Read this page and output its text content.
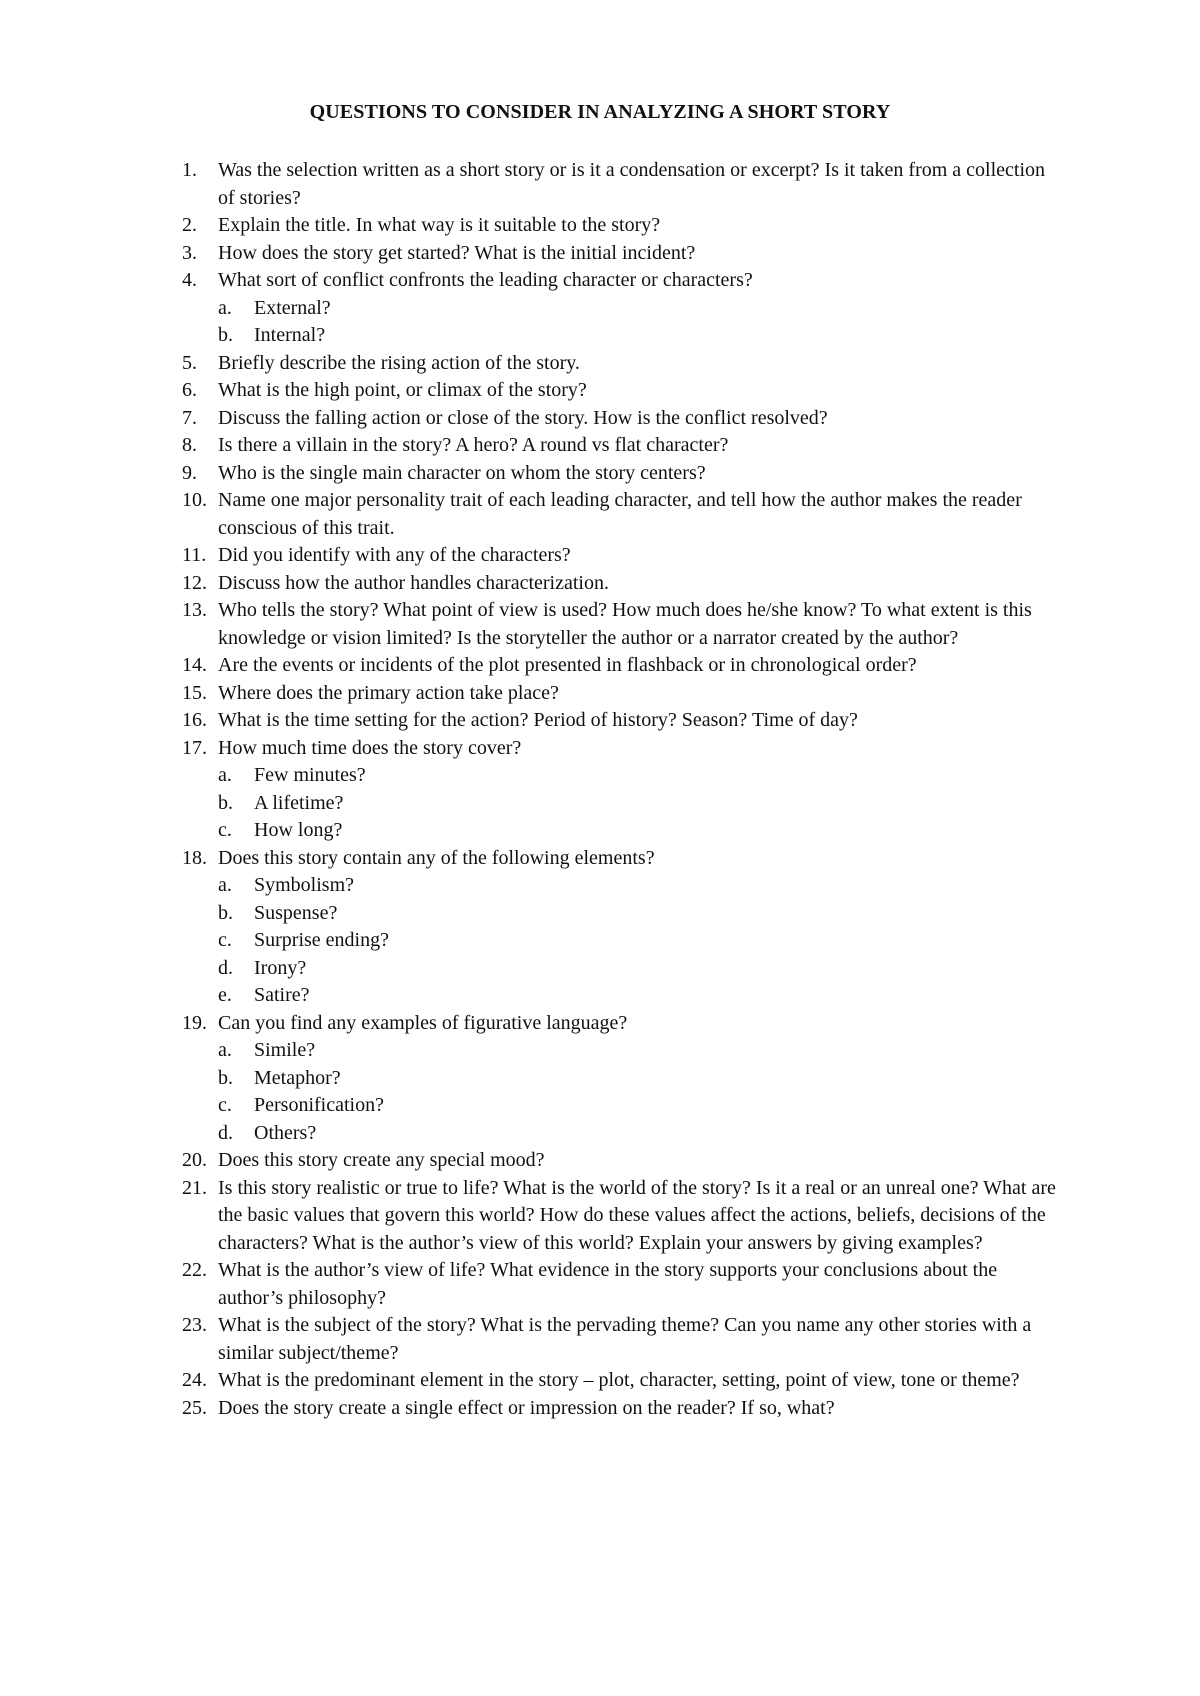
QUESTIONS TO CONSIDER IN ANALYZING A SHORT STORY
1.	Was the selection written as a short story or is it a condensation or excerpt? Is it taken from a collection of stories?
2.	Explain the title. In what way is it suitable to the story?
3.	How does the story get started? What is the initial incident?
4.	What sort of conflict confronts the leading character or characters?
a.	External?
b.	Internal?
5.	Briefly describe the rising action of the story.
6.	What is the high point, or climax of the story?
7.	Discuss the falling action or close of the story. How is the conflict resolved?
8.	Is there a villain in the story? A hero? A round vs flat character?
9.	Who is the single main character on whom the story centers?
10. Name one major personality trait of each leading character, and tell how the author makes the reader conscious of this trait.
11. Did you identify with any of the characters?
12. Discuss how the author handles characterization.
13. Who tells the story? What point of view is used? How much does he/she know? To what extent is this knowledge or vision limited? Is the storyteller the author or a narrator created by the author?
14. Are the events or incidents of the plot presented in flashback or in chronological order?
15. Where does the primary action take place?
16. What is the time setting for the action? Period of history? Season? Time of day?
17. How much time does the story cover?
a.	Few minutes?
b.	A lifetime?
c.	How long?
18. Does this story contain any of the following elements?
a.	Symbolism?
b.	Suspense?
c.	Surprise ending?
d.	Irony?
e.	Satire?
19. Can you find any examples of figurative language?
a.	Simile?
b.	Metaphor?
c.	Personification?
d.	Others?
20. Does this story create any special mood?
21. Is this story realistic or true to life? What is the world of the story? Is it a real or an unreal one? What are the basic values that govern this world? How do these values affect the actions, beliefs, decisions of the characters? What is the author’s view of this world? Explain your answers by giving examples?
22. What is the author’s view of life? What evidence in the story supports your conclusions about the author’s philosophy?
23. What is the subject of the story? What is the pervading theme? Can you name any other stories with a similar subject/theme?
24. What is the predominant element in the story – plot, character, setting, point of view, tone or theme?
25. Does the story create a single effect or impression on the reader? If so, what?
